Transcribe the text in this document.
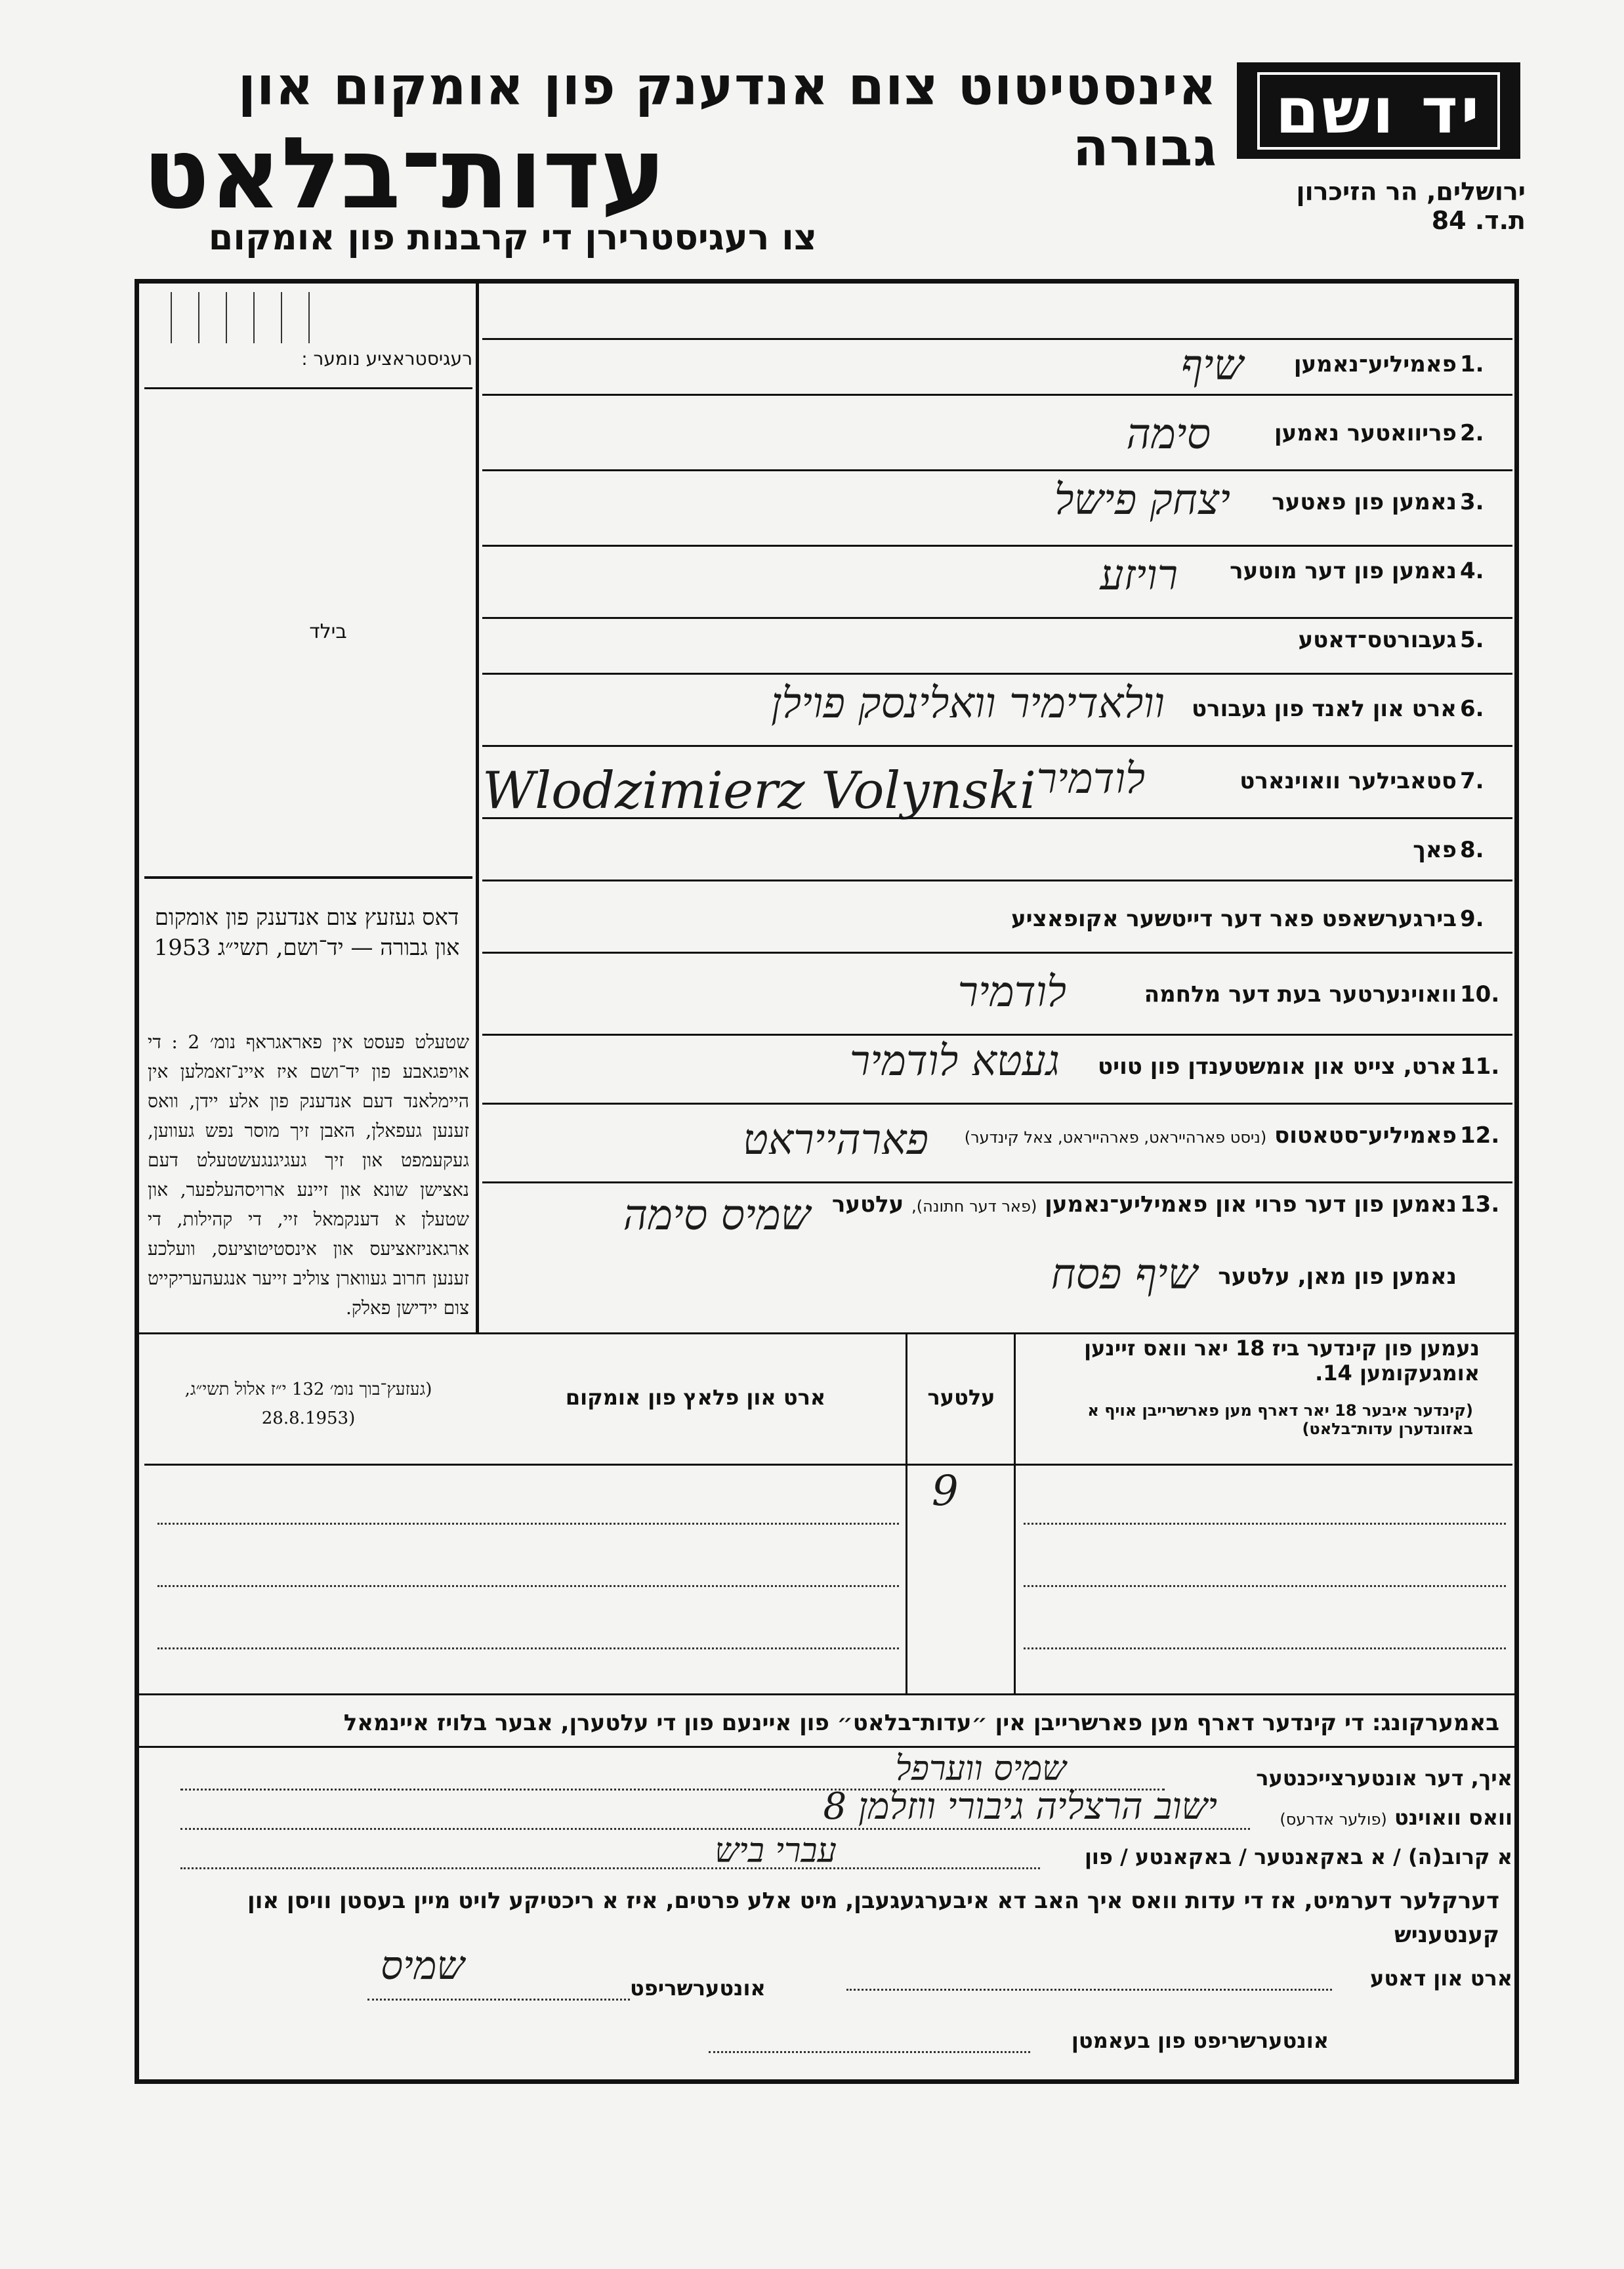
יד ושם
אינסטיטוט צום אנדענק פון אומקום און גבורה
עדות־בלאט
צו רעגיסטרירן די קרבנות פון אומקום
ירושלים, הר הזיכרון
ת.ד. 84
רעגיסטראציע נומער :
בילד
דאס געזעץ צום אנדענק פון אומקום און גבורה — יד־ושם, תשי״ג 1953
שטעלט פעסט אין פאראגראף נומ׳ 2 : די אויפגאבע פון יד־ושם איז איינ־זאמלען אין היימלאנד דעם אנדענק פון אלע יידן, וואס זענען געפאלן, האבן זיך מוסר נפש געווען, געקעמפט און זיך געגיגנגעשטעלט דעם נאצישן שונא און זיינע ארויסהעלפער, און שטעלן א דענקמאל זיי, די קהילות, די ארגאניזאציעס און אינסטיטוציעס, וועלכע זענען חרוב געווארן צוליב זייער אנגעהעריקייט צום יידישן פאלק.
(געזעץ־בוך נומ׳ 132 י״ז אלול תשי״ג, (28.8.1953
1.
פאמיליע־נאמען
שיף
2.
פריוואטער נאמען
סימה
3.
נאמען פון פאטער
יצחק פישל
4.
נאמען פון דער מוטער
רויזע
5.
געבורטס־דאטע
6.
ארט און לאנד פון געבורט
וולאדימיר וואלינסק פוילן
7.
סטאבילער וואוינארט
לודמיר
Wlodzimierz Volynski
8.
פאך
9.
בירגערשאפט פאר דער דייטשער אקופאציע
10.
וואוינערטער בעת דער מלחמה
לודמיר
11.
ארט, צייט און אומשטענדן פון טויט
געטא לודמיר
12.
פאמיליע־סטאטוס (ניסט פארהייראט, פארהייראט, צאל קינדער)
פארהייראט
13.
נאמען פון דער פרוי און פאמיליע־נאמען (פאר דער חתונה), עלטער
שמיס סימה
נאמען פון מאן, עלטער
שיף פסח
נעמען פון קינדער ביז 18 יאר וואס זיינען אומגעקומען 14.
(קינדער איבער 18 יאר דארף מען פארשרייבן אויף א באזונדערן עדות־בלאט)
עלטער
ארט און פלאץ פון אומקום
9
באמערקונג: די קינדער דארף מען פארשרייבן אין ״עדות־בלאט״ פון איינעם פון די עלטערן, אבער בלויז איינמאל
איך, דער אונטערצייכנטער
שמיס ווערפל
וואס וואוינט (פולער אדרעס)
ישוב הרצליה גיבורי ווזלמן 8
א קרוב(ה) / א באקאנטער / באקאנטע / פון
עברי ביש
דערקלער דערמיט, אז די עדות וואס איך האב דא איבערגעגעבן, מיט אלע פרטים, איז א ריכטיקע לויט מיין בעסטן וויסן און קענטעניש
ארט און דאטע
אונטערשריפט
שמיס
אונטערשריפט פון בעאמטן
